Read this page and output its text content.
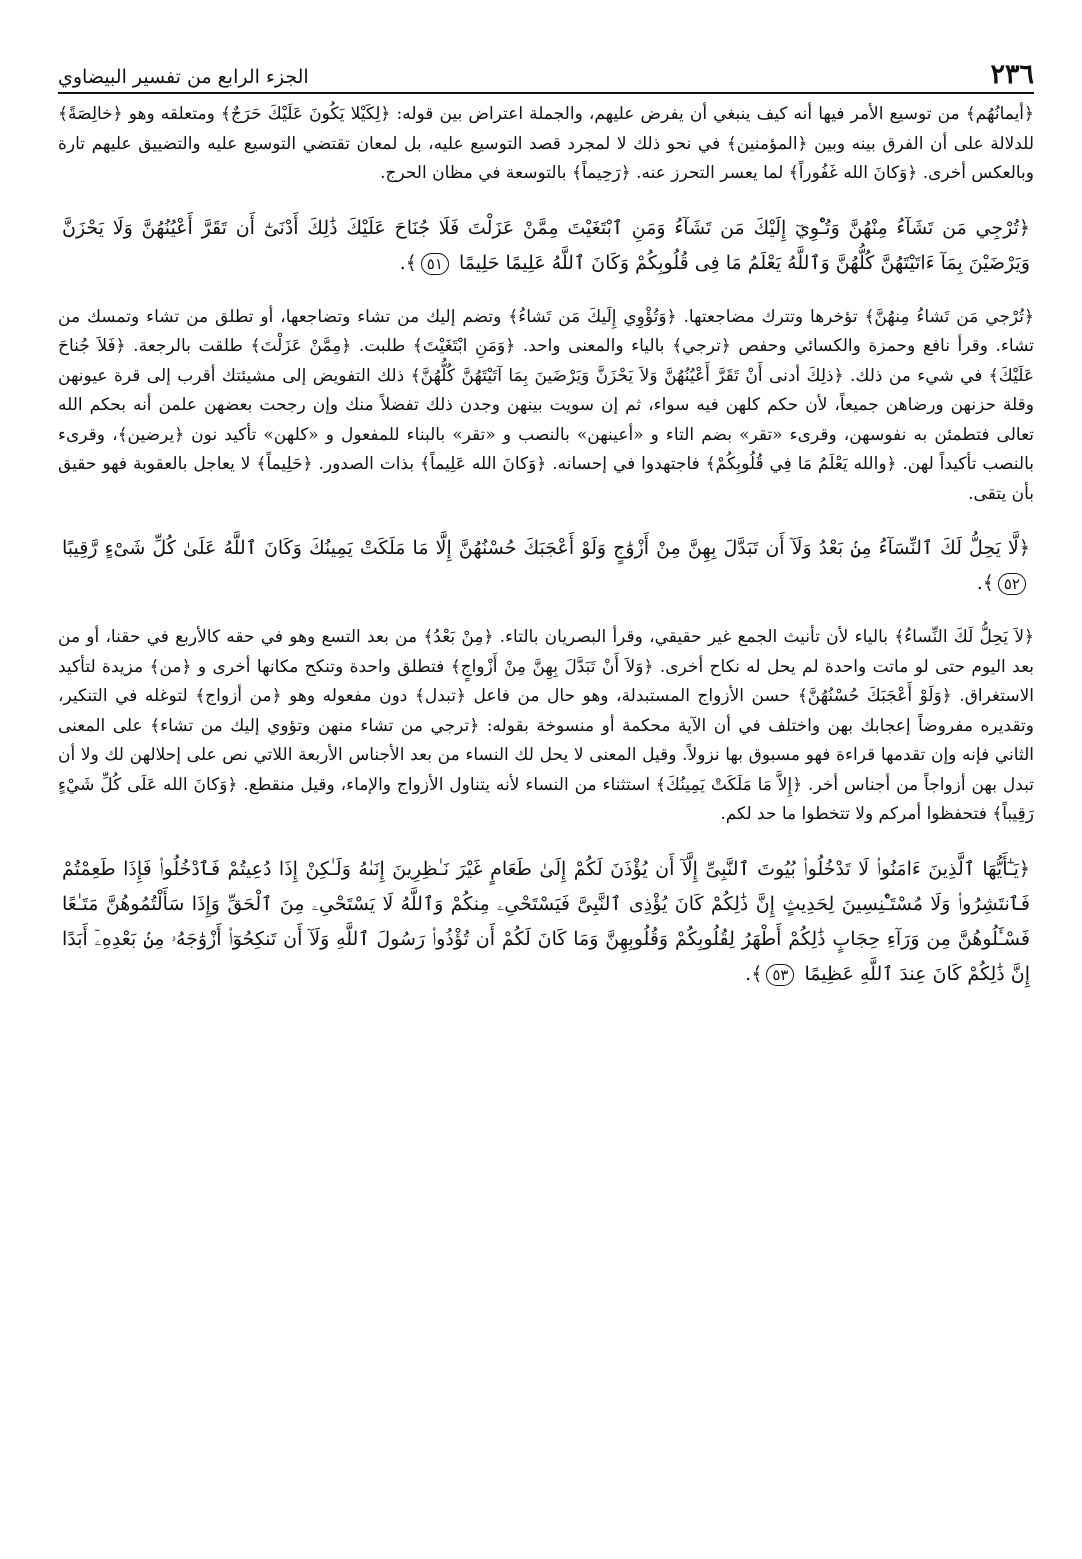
٢٣٦
الجزء الرابع من تفسير البيضاوي
﴿أيمانُهُم﴾ من توسيع الأمر فيها أنه كيف ينبغي أن يفرض عليهم، والجملة اعتراض بين قوله: ﴿لِكَيْلا يَكُونَ عَلَيْكَ حَرَجٌ﴾ ومتعلقه وهو ﴿خالِصَةً﴾ للدلالة على أن الفرق بينه وبين ﴿المؤمنين﴾ في نحو ذلك لا لمجرد قصد التوسيع عليه، بل لمعان تقتضي التوسيع عليه والتضييق عليهم تارة وبالعكس أخرى. ﴿وَكانَ الله غَفُوراً﴾ لما يعسر التحرز عنه. ﴿رَحِيماً﴾ بالتوسعة في مظان الحرج.
﴿تُرْجِي مَن تَشَآءُ مِنْهُنَّ وَتُـْٔوِيٓ إِلَيْكَ مَن تَشَآءُ وَمَنِ ٱبْتَغَيْتَ مِمَّنْ عَزَلْتَ فَلَا جُنَاحَ عَلَيْكَ ذَٰلِكَ أَدْنَىٰٓ أَن تَقَرَّ أَعْيُنُهُنَّ وَلَا يَحْزَنَّ وَيَرْضَيْنَ بِمَآ ءَاتَيْتَهُنَّ كُلُّهُنَّ وَٱللَّهُ يَعْلَمُ مَا فِى قُلُوبِكُمْ وَكَانَ ٱللَّهُ عَلِيمًا حَلِيمًا ٥١﴾.
﴿تُرْجي مَن تَشاءُ مِنهُنَّ﴾ تؤخرها وتترك مضاجعتها. ﴿وَتُؤْوِي إِلَيكَ مَن تَشاءُ﴾ وتضم إليك من تشاء وتضاجعها، أو تطلق من تشاء وتمسك من تشاء. وقرأ نافع وحمزة والكسائي وحفص ﴿ترجي﴾ بالياء والمعنى واحد. ﴿وَمَنِ ابْتَغَيْتَ﴾ طلبت. ﴿مِمَّنْ عَزَلْتَ﴾ طلقت بالرجعة. ﴿فَلاَ جُناحَ عَلَيْكَ﴾ في شيء من ذلك. ﴿ذلِكَ أدنى أَنْ تَقَرَّ أَعْيُنُهُنَّ وَلاَ يَحْزَنَّ وَيَرْضَينَ بِمَا آتَيْتَهُنَّ كُلُّهُنَّ﴾ ذلك التفويض إلى مشيئتك أقرب إلى قرة عيونهن وقلة حزنهن ورضاهن جميعاً، لأن حكم كلهن فيه سواء، ثم إن سويت بينهن وجدن ذلك تفضلاً منك وإن رجحت بعضهن علمن أنه بحكم الله تعالى فتطمئن به نفوسهن، وقرىء «تقر» بضم التاء و «أعينهن» بالنصب و «تقر» بالبناء للمفعول و «كلهن» تأكيد نون ﴿يرضين﴾، وقرىء بالنصب تأكيداً لهن. ﴿والله يَعْلَمُ مَا فِي قُلُوبِكُمْ﴾ فاجتهدوا في إحسانه. ﴿وَكانَ الله عَلِيماً﴾ بذات الصدور. ﴿حَلِيماً﴾ لا يعاجل بالعقوبة فهو حقيق بأن يتقى.
﴿لَّا يَحِلُّ لَكَ ٱلنِّسَآءُ مِنۢ بَعْدُ وَلَآ أَن تَبَدَّلَ بِهِنَّ مِنْ أَزْوَٰجٍ وَلَوْ أَعْجَبَكَ حُسْنُهُنَّ إِلَّا مَا مَلَكَتْ يَمِينُكَ وَكَانَ ٱللَّهُ عَلَىٰ كُلِّ شَىْءٍ رَّقِيبًا ٥٢﴾.
﴿لاَ يَحِلُّ لَكَ النِّساءُ﴾ بالياء لأن تأنيث الجمع غير حقيقي، وقرأ البصريان بالتاء. ﴿مِنْ بَعْدُ﴾ من بعد التسع وهو في حقه كالأربع في حقنا، أو من بعد اليوم حتى لو ماتت واحدة لم يحل له نكاح أخرى. ﴿وَلاَ أَنْ تَبَدَّلَ بِهِنَّ مِنْ أَزْواجٍ﴾ فتطلق واحدة وتنكح مكانها أخرى و ﴿من﴾ مزيدة لتأكيد الاستغراق. ﴿وَلَوْ أَعْجَبَكَ حُسْنُهُنَّ﴾ حسن الأزواج المستبدلة، وهو حال من فاعل ﴿تبدل﴾ دون مفعوله وهو ﴿من أزواج﴾ لتوغله في التنكير، وتقديره مفروضاً إعجابك بهن واختلف في أن الآية محكمة أو منسوخة بقوله: ﴿ترجي من تشاء منهن وتؤوي إليك من تشاء﴾ على المعنى الثاني فإنه وإن تقدمها قراءة فهو مسبوق بها نزولاً. وقيل المعنى لا يحل لك النساء من بعد الأجناس الأربعة اللاتي نص على إحلالهن لك ولا أن تبدل بهن أزواجاً من أجناس أخر. ﴿إِلاَّ مَا مَلَكَتْ يَمِينُكَ﴾ استثناء من النساء لأنه يتناول الأزواج والإماء، وقيل منقطع. ﴿وَكانَ الله عَلَى كُلِّ شَيْءٍ رَقِيباً﴾ فتحفظوا أمركم ولا تتخطوا ما حد لكم.
﴿يَـٰٓأَيُّهَا ٱلَّذِينَ ءَامَنُوا۟ لَا تَدْخُلُوا۟ بُيُوتَ ٱلنَّبِىِّ إِلَّآ أَن يُؤْذَنَ لَكُمْ إِلَىٰ طَعَامٍ غَيْرَ نَـٰظِرِينَ إِنَىٰهُ وَلَـٰكِنْ إِذَا دُعِيتُمْ فَٱدْخُلُوا۟ فَإِذَا طَعِمْتُمْ فَٱنتَشِرُوا۟ وَلَا مُسْتَـْٔنِسِينَ لِحَدِيثٍ إِنَّ ذَٰلِكُمْ كَانَ يُؤْذِى ٱلنَّبِىَّ فَيَسْتَحْىِۦ مِنكُمْ وَٱللَّهُ لَا يَسْتَحْىِۦ مِنَ ٱلْحَقِّ وَإِذَا سَأَلْتُمُوهُنَّ مَتَـٰعًا فَسْـَٔلُوهُنَّ مِن وَرَآءِ حِجَابٍ ذَٰلِكُمْ أَطْهَرُ لِقُلُوبِكُمْ وَقُلُوبِهِنَّ وَمَا كَانَ لَكُمْ أَن تُؤْذُوا۟ رَسُولَ ٱللَّهِ وَلَآ أَن تَنكِحُوٓا۟ أَزْوَٰجَهُۥ مِنۢ بَعْدِهِۦٓ أَبَدًا إِنَّ ذَٰلِكُمْ كَانَ عِندَ ٱللَّهِ عَظِيمًا ٥٣﴾.
